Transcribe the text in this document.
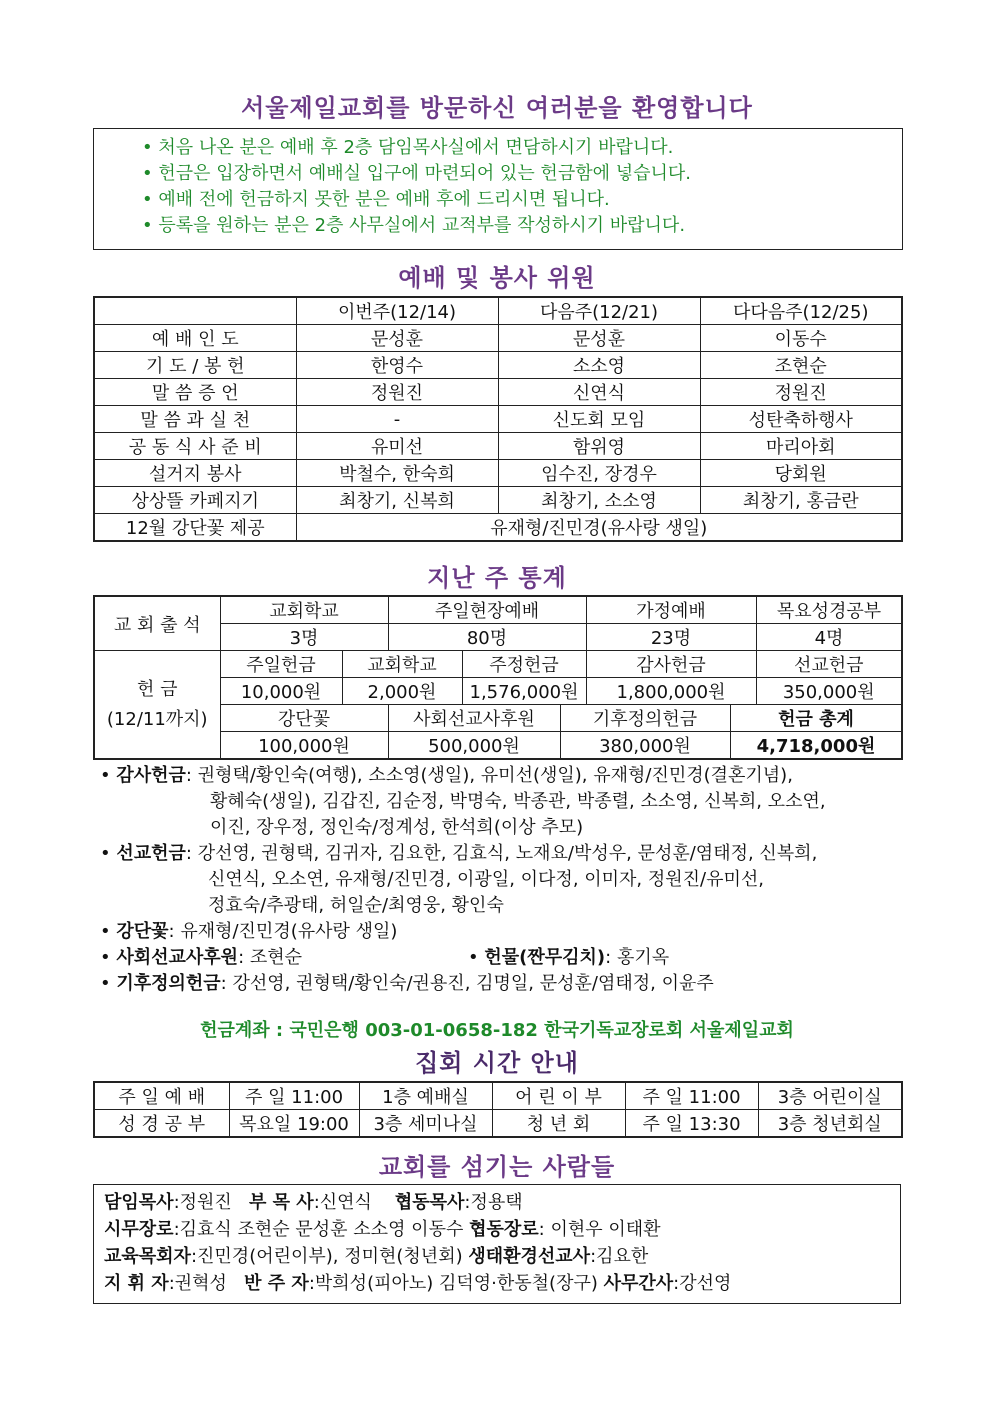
서울제일교회를 방문하신 여러분을 환영합니다
• 처음 나온 분은 예배 후 2층 담임목사실에서 면담하시기 바랍니다.
• 헌금은 입장하면서 예배실 입구에 마련되어 있는 헌금함에 넣습니다.
• 예배 전에 헌금하지 못한 분은 예배 후에 드리시면 됩니다.
• 등록을 원하는 분은 2층 사무실에서 교적부를 작성하시기 바랍니다.
예배 및 봉사 위원
	이번주(12/14)	다음주(12/21)	다다음주(12/25)
예 배 인 도	문성훈	문성훈	이동수
기 도 / 봉 헌	한영수	소소영	조현순
말 씀 증 언	정원진	신연식	정원진
말 씀 과 실 천	-	신도회 모임	성탄축하행사
공 동 식 사 준 비	유미선	함위영	마리아회
설거지 봉사	박철수, 한숙희	임수진, 장경우	당회원
상상뜰 카페지기	최창기, 신복희	최창기, 소소영	최창기, 홍금란
12월 강단꽃 제공	유재형/진민경(유사랑 생일)		
지난 주 통계
교 회 출 석	교회학교		주일현장예배			가정예배		목요성경공부
	3명		80명			23명		4명

헌 금
(12/11까지)	주일헌금	교회학교		주정헌금		감사헌금		선교헌금
	10,000원	2,000원		1,576,000원		1,800,000원		350,000원
	강단꽃		사회선교사후원		기후정의헌금		헌금 총계	
	100,000원		500,000원		380,000원		4,718,000원	

• 감사헌금: 권형택/황인숙(여행), 소소영(생일), 유미선(생일), 유재형/진민경(결혼기념),

황혜숙(생일), 김갑진, 김순정, 박명숙, 박종관, 박종렬, 소소영, 신복희, 오소연,

이진, 장우정, 정인숙/정계성, 한석희(이상 추모)

• 선교헌금: 강선영, 권형택, 김귀자, 김요한, 김효식, 노재요/박성우, 문성훈/염태정, 신복희,

신연식, 오소연, 유재형/진민경, 이광일, 이다정, 이미자, 정원진/유미선,

정효숙/추광태, 허일순/최영웅, 황인숙

• 강단꽃: 유재형/진민경(유사랑 생일)

• 사회선교사후원: 조현순	• 헌물(짠무김치): 홍기옥

• 기후정의헌금: 강선영, 권형택/황인숙/권용진, 김명일, 문성훈/염태정, 이윤주

헌금계좌 : 국민은행 003-01-0658-182 한국기독교장로회 서울제일교회
집회 시간 안내
주 일 예 배	주 일 11:00	1층 예배실	어 린 이 부	주 일 11:00	3층 어린이실
성 경 공 부	목요일 19:00	3층 세미나실	청 년 회	주 일 13:30	3층 청년회실
교회를 섬기는 사람들

담임목사:정원진 부 목 사:신연식 협동목사:정용택

시무장로:김효식 조현순 문성훈 소소영 이동수 협동장로: 이현우 이태환

교육목회자:진민경(어린이부), 정미현(청년회) 생태환경선교사:김요한

지 휘 자:권혁성 반 주 자:박희성(피아노) 김덕영·한동철(장구) 사무간사:강선영
